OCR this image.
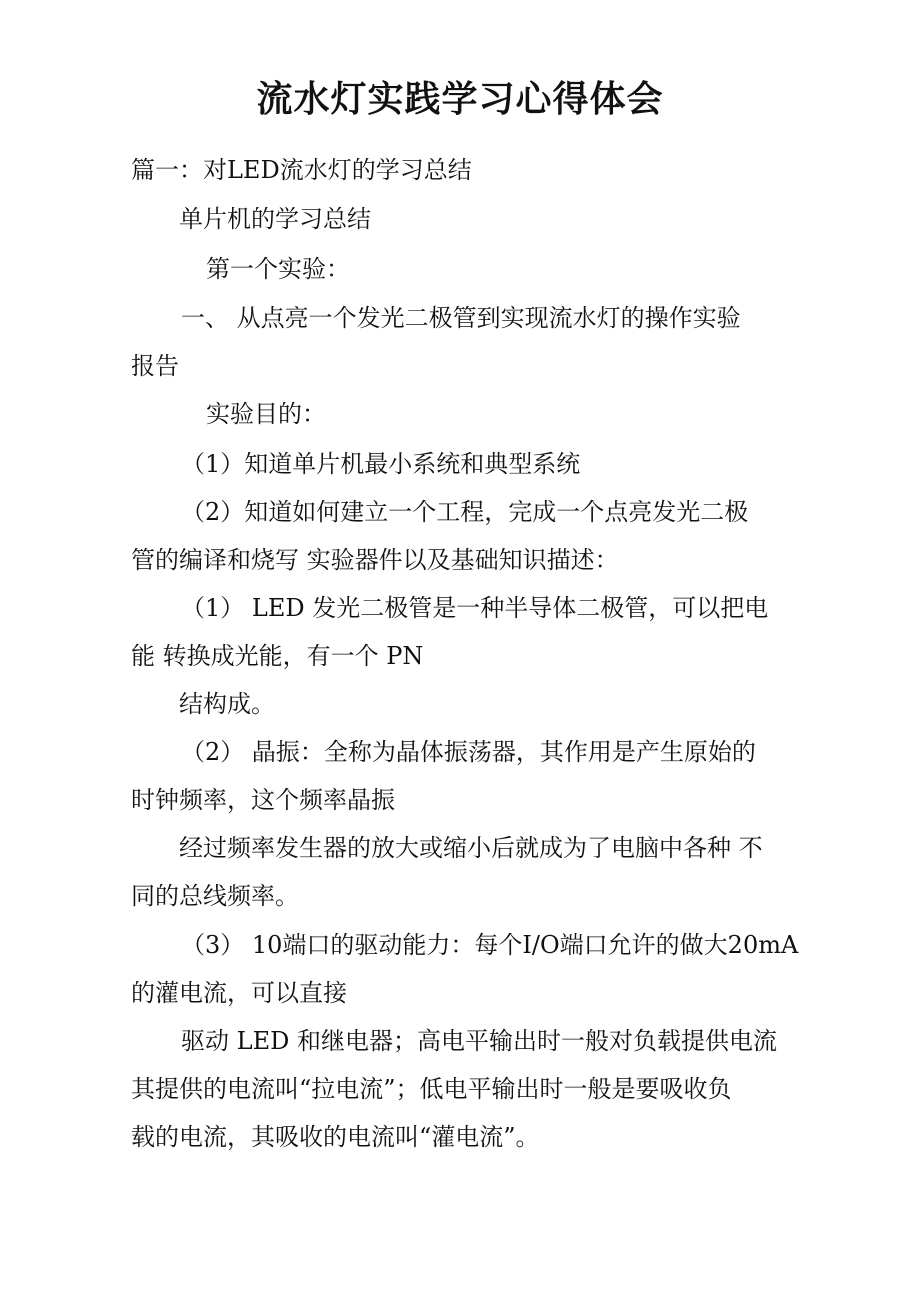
流水灯实践学习心得体会
篇一：对LED流水灯的学习总结
单片机的学习总结
第一个实验：
一、 从点亮一个发光二极管到实现流水灯的操作实验
报告
实验目的：
（1）知道单片机最小系统和典型系统
（2）知道如何建立一个工程，完成一个点亮发光二极
管的编译和烧写 实验器件以及基础知识描述：
（1） LED 发光二极管是一种半导体二极管，可以把电
能 转换成光能，有一个 PN
结构成。
（2） 晶振：全称为晶体振荡器，其作用是产生原始的
时钟频率，这个频率晶振
经过频率发生器的放大或缩小后就成为了电脑中各种 不
同的总线频率。
（3） 10端口的驱动能力：每个I/O端口允许的做大20mA
的灌电流，可以直接
驱动 LED 和继电器；高电平输出时一般对负载提供电流
其提供的电流叫“拉电流”；低电平输出时一般是要吸收负
载的电流，其吸收的电流叫“灌电流”。
